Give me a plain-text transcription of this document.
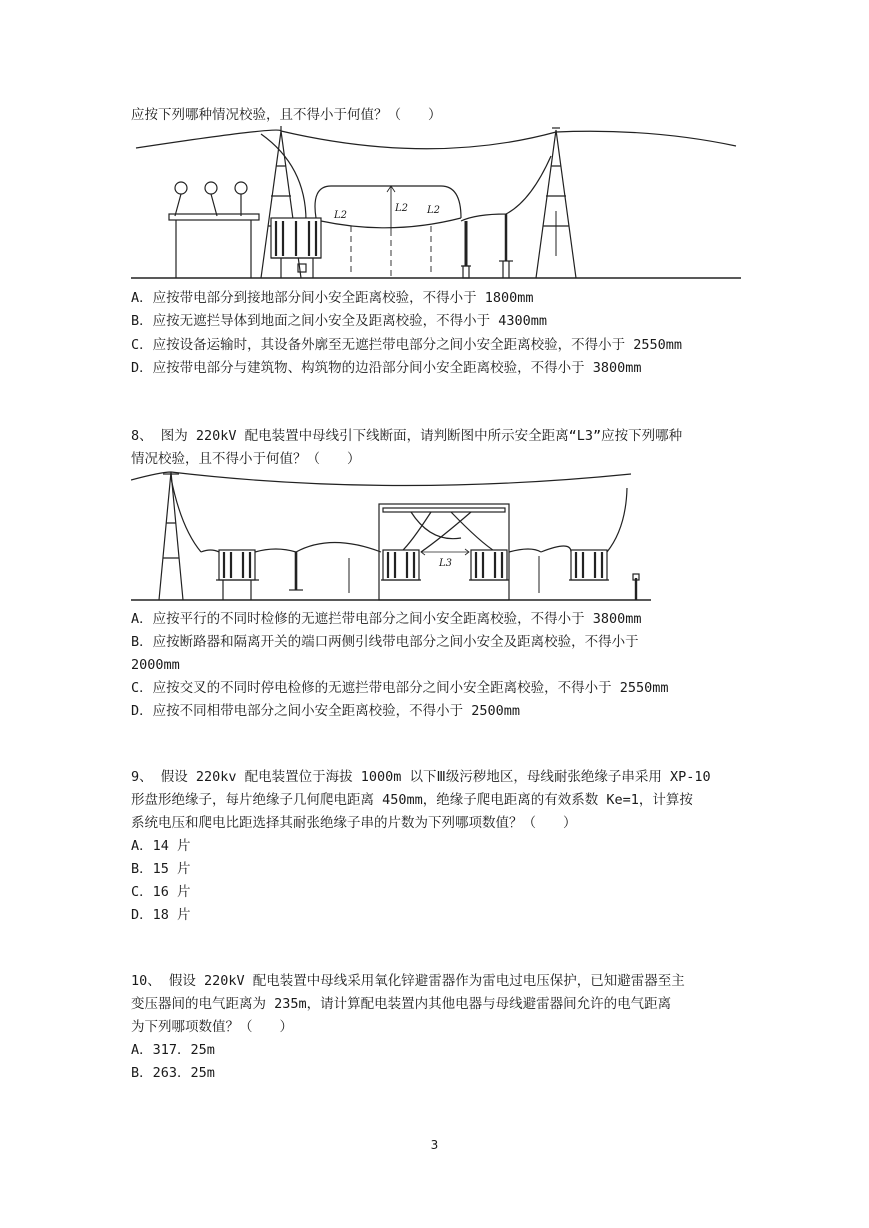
应按下列哪种情况校验，且不得小于何值？（　　）
L2
L2 L2
A．应按带电部分到接地部分间小安全距离校验，不得小于 1800mm
B．应按无遮拦导体到地面之间小安全及距离校验，不得小于 4300mm
C．应按设备运输时，其设备外廓至无遮拦带电部分之间小安全距离校验，不得小于 2550mm
D．应按带电部分与建筑物、构筑物的边沿部分间小安全距离校验，不得小于 3800mm
8、 图为 220kV 配电装置中母线引下线断面，请判断图中所示安全距离“L3”应按下列哪种
情况校验，且不得小于何值？（　　）
L3
A．应按平行的不同时检修的无遮拦带电部分之间小安全距离校验，不得小于 3800mm
B．应按断路器和隔离开关的端口两侧引线带电部分之间小安全及距离校验，不得小于
2000mm
C．应按交叉的不同时停电检修的无遮拦带电部分之间小安全距离校验，不得小于 2550mm
D．应按不同相带电部分之间小安全距离校验，不得小于 2500mm
9、 假设 220kv 配电装置位于海拔 1000m 以下Ⅲ级污秽地区，母线耐张绝缘子串采用 XP-10
形盘形绝缘子，每片绝缘子几何爬电距离 450mm，绝缘子爬电距离的有效系数 Ke=1，计算按
系统电压和爬电比距选择其耐张绝缘子串的片数为下列哪项数值？（　　）
A．14 片
B．15 片
C．16 片
D．18 片
10、 假设 220kV 配电装置中母线采用氧化锌避雷器作为雷电过电压保护，已知避雷器至主
变压器间的电气距离为 235m，请计算配电装置内其他电器与母线避雷器间允许的电气距离
为下列哪项数值？（　　）
A．317．25m
B．263．25m
3
